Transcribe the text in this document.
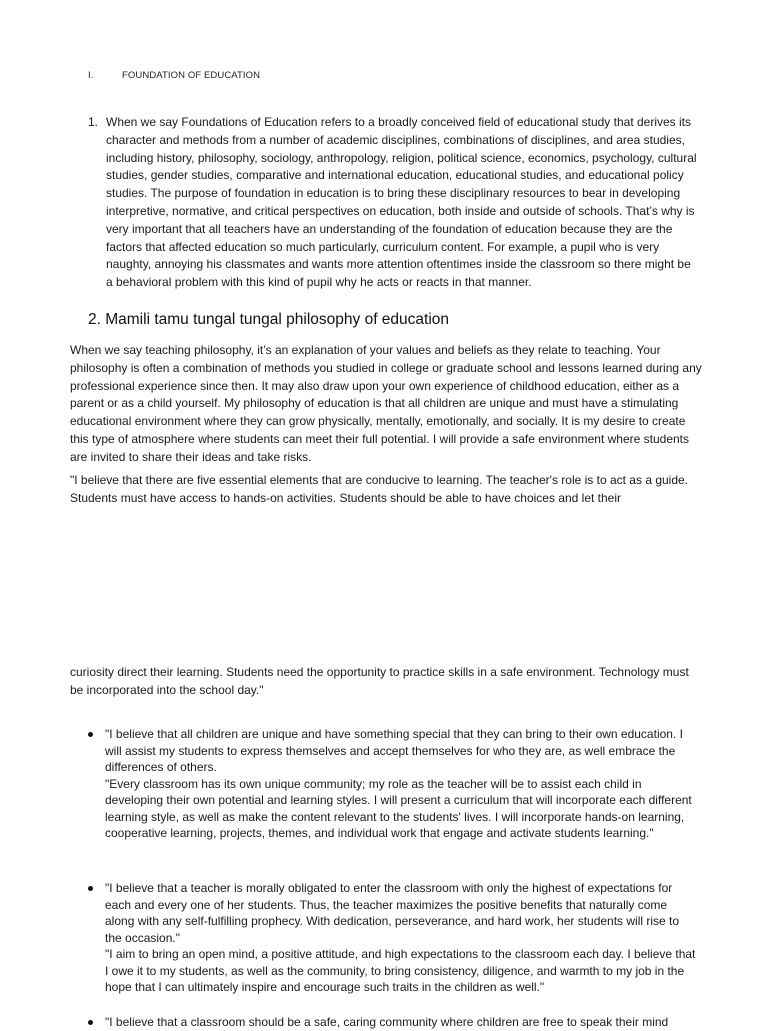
I.	FOUNDATION OF EDUCATION
1. When we say Foundations of Education refers to a broadly conceived field of educational study that derives its character and methods from a number of academic disciplines, combinations of disciplines, and area studies, including history, philosophy, sociology, anthropology, religion, political science, economics, psychology, cultural studies, gender studies, comparative and international education, educational studies, and educational policy studies. The purpose of foundation in education is to bring these disciplinary resources to bear in developing interpretive, normative, and critical perspectives on education, both inside and outside of schools. That’s why is very important that all teachers have an understanding of the foundation of education because they are the factors that affected education so much particularly, curriculum content. For example, a pupil who is very naughty, annoying his classmates and wants more attention oftentimes inside the classroom so there might be a behavioral problem with this kind of pupil why he acts or reacts in that manner.
2. Mamili tamu tungal tungal philosophy of education
When we say teaching philosophy, it’s an explanation of your values and beliefs as they relate to teaching. Your philosophy is often a combination of methods you studied in college or graduate school and lessons learned during any professional experience since then. It may also draw upon your own experience of childhood education, either as a parent or as a child yourself. My philosophy of education is that all children are unique and must have a stimulating educational environment where they can grow physically, mentally, emotionally, and socially. It is my desire to create this type of atmosphere where students can meet their full potential. I will provide a safe environment where students are invited to share their ideas and take risks.
"I believe that there are five essential elements that are conducive to learning. The teacher's role is to act as a guide. Students must have access to hands-on activities. Students should be able to have choices and let their
curiosity direct their learning. Students need the opportunity to practice skills in a safe environment. Technology must be incorporated into the school day."
"I believe that all children are unique and have something special that they can bring to their own education. I will assist my students to express themselves and accept themselves for who they are, as well embrace the differences of others.
"Every classroom has its own unique community; my role as the teacher will be to assist each child in developing their own potential and learning styles. I will present a curriculum that will incorporate each different learning style, as well as make the content relevant to the students' lives. I will incorporate hands-on learning, cooperative learning, projects, themes, and individual work that engage and activate students learning."
"I believe that a teacher is morally obligated to enter the classroom with only the highest of expectations for each and every one of her students. Thus, the teacher maximizes the positive benefits that naturally come along with any self-fulfilling prophecy. With dedication, perseverance, and hard work, her students will rise to the occasion."
"I aim to bring an open mind, a positive attitude, and high expectations to the classroom each day. I believe that I owe it to my students, as well as the community, to bring consistency, diligence, and warmth to my job in the hope that I can ultimately inspire and encourage such traits in the children as well."
"I believe that a classroom should be a safe, caring community where children are free to speak their mind
